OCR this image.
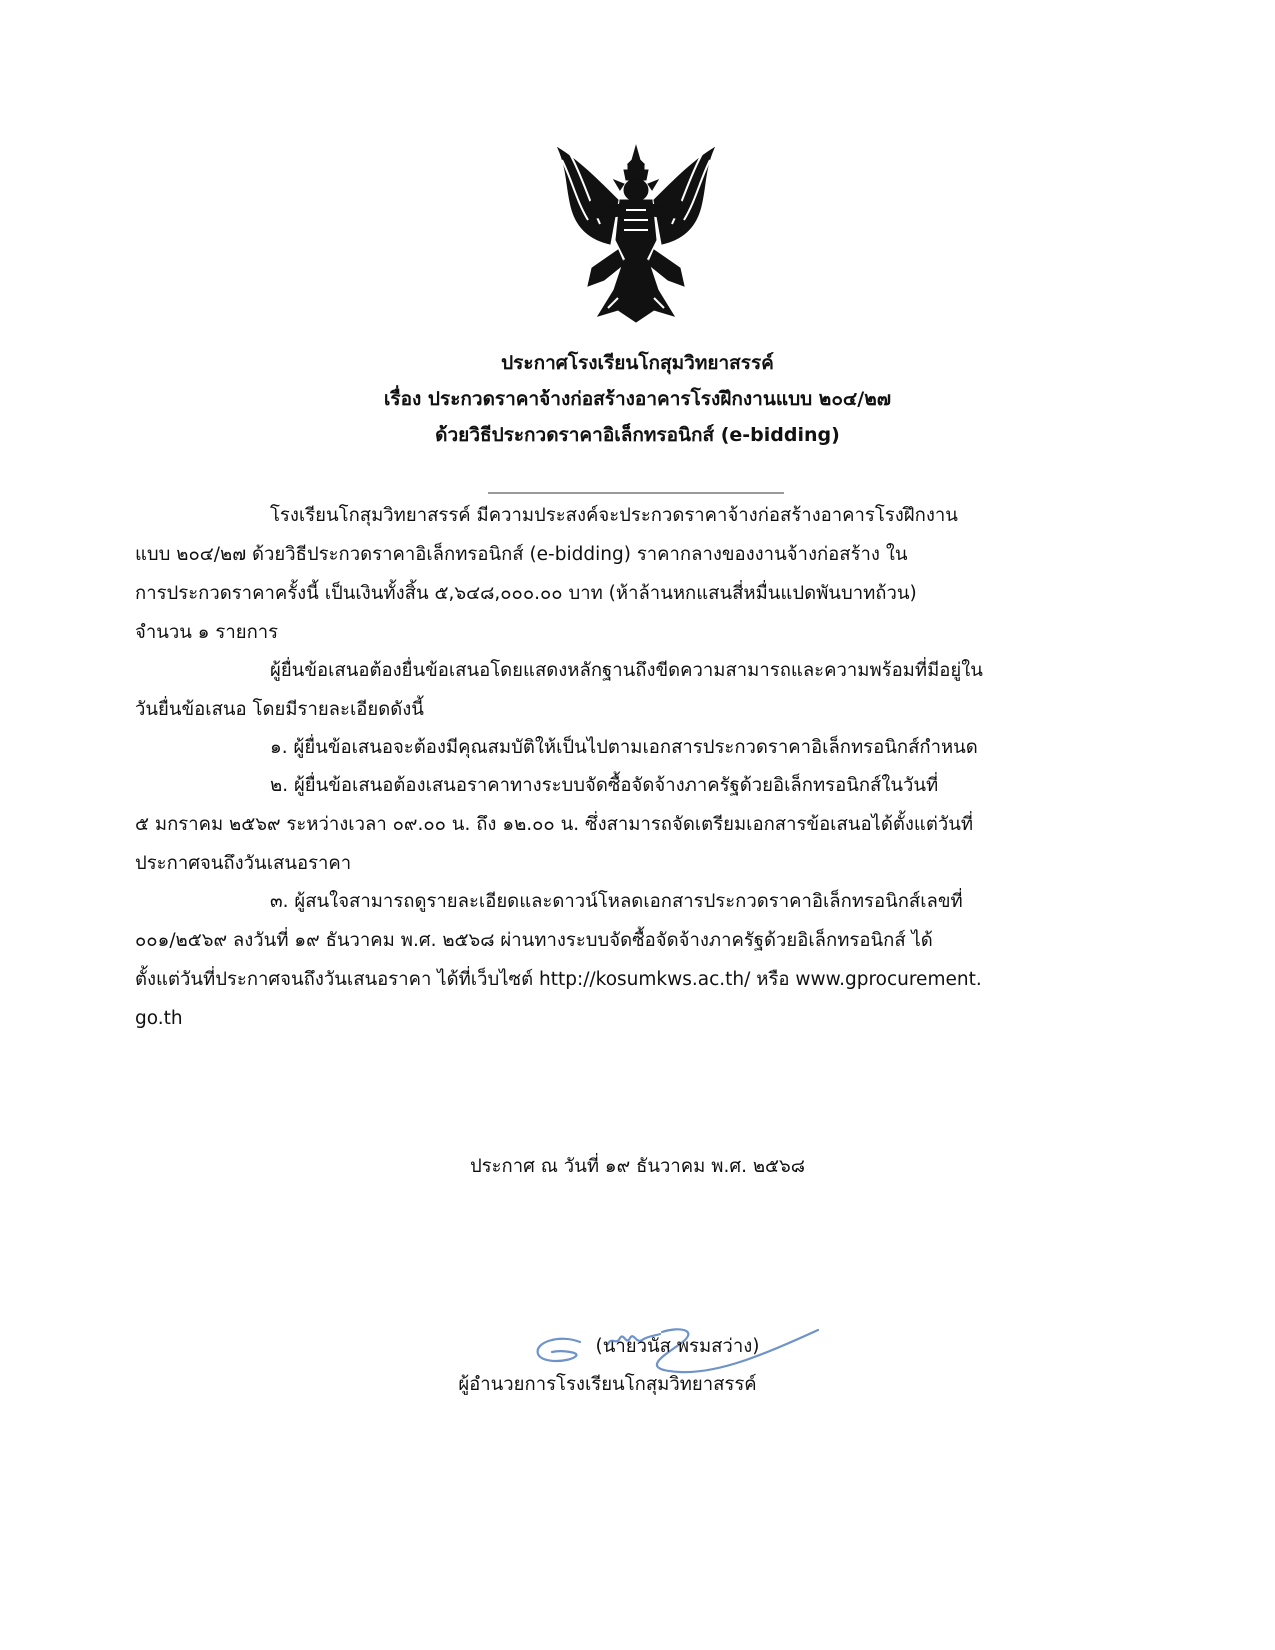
ประกาศโรงเรียนโกสุมวิทยาสรรค์
เรื่อง ประกวดราคาจ้างก่อสร้างอาคารโรงฝึกงานแบบ ๒๐๔/๒๗
ด้วยวิธีประกวดราคาอิเล็กทรอนิกส์ (e-bidding)
โรงเรียนโกสุมวิทยาสรรค์ มีความประสงค์จะประกวดราคาจ้างก่อสร้างอาคารโรงฝึกงาน
แบบ ๒๐๔/๒๗ ด้วยวิธีประกวดราคาอิเล็กทรอนิกส์ (e-bidding) ราคากลางของงานจ้างก่อสร้าง ใน
การประกวดราคาครั้งนี้ เป็นเงินทั้งสิ้น ๕,๖๔๘,๐๐๐.๐๐ บาท (ห้าล้านหกแสนสี่หมื่นแปดพันบาทถ้วน)
จำนวน ๑ รายการ
ผู้ยื่นข้อเสนอต้องยื่นข้อเสนอโดยแสดงหลักฐานถึงขีดความสามารถและความพร้อมที่มีอยู่ใน
วันยื่นข้อเสนอ โดยมีรายละเอียดดังนี้
๑. ผู้ยื่นข้อเสนอจะต้องมีคุณสมบัติให้เป็นไปตามเอกสารประกวดราคาอิเล็กทรอนิกส์กำหนด
๒. ผู้ยื่นข้อเสนอต้องเสนอราคาทางระบบจัดซื้อจัดจ้างภาครัฐด้วยอิเล็กทรอนิกส์ในวันที่
๕ มกราคม ๒๕๖๙ ระหว่างเวลา ๐๙.๐๐ น. ถึง ๑๒.๐๐ น. ซึ่งสามารถจัดเตรียมเอกสารข้อเสนอได้ตั้งแต่วันที่
ประกาศจนถึงวันเสนอราคา
๓. ผู้สนใจสามารถดูรายละเอียดและดาวน์โหลดเอกสารประกวดราคาอิเล็กทรอนิกส์เลขที่
๐๐๑/๒๕๖๙ ลงวันที่ ๑๙ ธันวาคม พ.ศ. ๒๕๖๘ ผ่านทางระบบจัดซื้อจัดจ้างภาครัฐด้วยอิเล็กทรอนิกส์ ได้
ตั้งแต่วันที่ประกาศจนถึงวันเสนอราคา ได้ที่เว็บไซต์ http://kosumkws.ac.th/ หรือ www.gprocurement.
go.th
ประกาศ ณ วันที่ ๑๙ ธันวาคม พ.ศ. ๒๕๖๘
(นายวนัส พรมสว่าง)
ผู้อำนวยการโรงเรียนโกสุมวิทยาสรรค์
